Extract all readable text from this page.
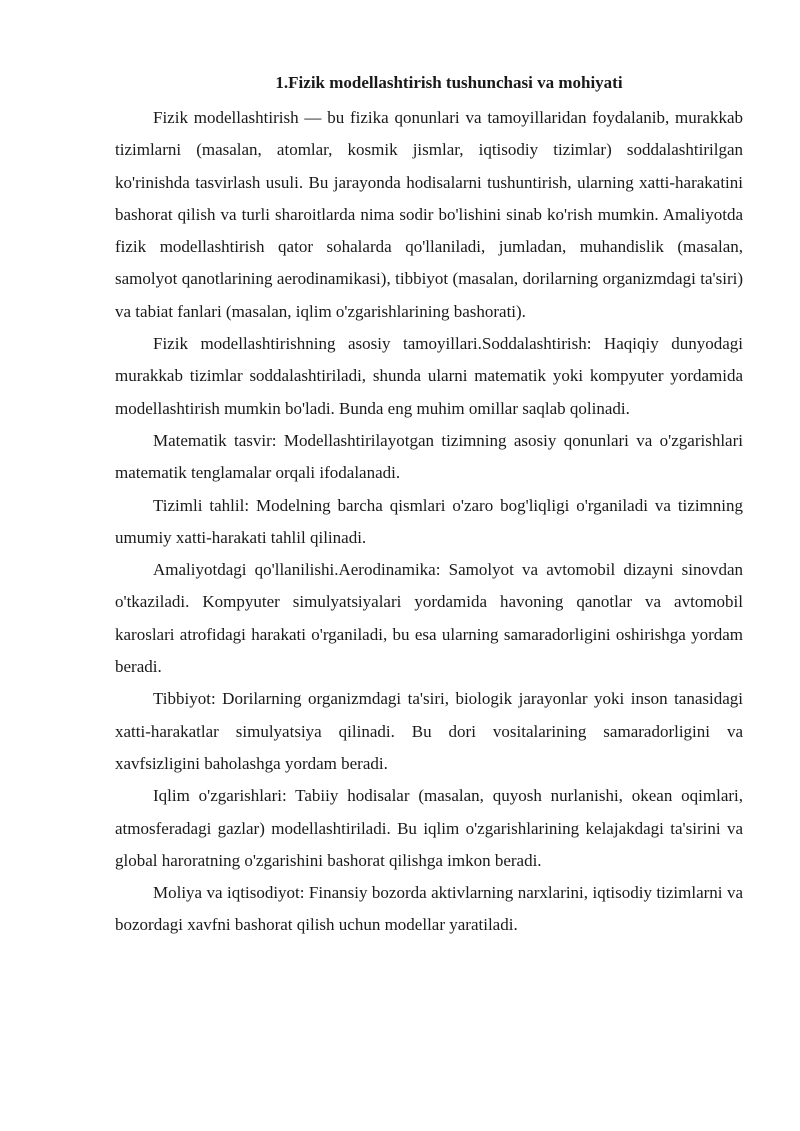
1.Fizik modellashtirish tushunchasi va mohiyati

Fizik modellashtirish — bu fizika qonunlari va tamoyillaridan foydalanib, murakkab tizimlarni (masalan, atomlar, kosmik jismlar, iqtisodiy tizimlar) soddalashtirilgan ko'rinishda tasvirlash usuli. Bu jarayonda hodisalarni tushuntirish, ularning xatti-harakatini bashorat qilish va turli sharoitlarda nima sodir bo'lishini sinab ko'rish mumkin. Amaliyotda fizik modellashtirish qator sohalarda qo'llaniladi, jumladan, muhandislik (masalan, samolyot qanotlarining aerodinamikasi), tibbiyot (masalan, dorilarning organizmdagi ta'siri) va tabiat fanlari (masalan, iqlim o'zgarishlarining bashorati).

Fizik modellashtirishning asosiy tamoyillari.Soddalashtirish: Haqiqiy dunyodagi murakkab tizimlar soddalashtiriladi, shunda ularni matematik yoki kompyuter yordamida modellashtirish mumkin bo'ladi. Bunda eng muhim omillar saqlab qolinadi.

Matematik tasvir: Modellashtirilayotgan tizimning asosiy qonunlari va o'zgarishlari matematik tenglamalar orqali ifodalanadi.

Tizimli tahlil: Modelning barcha qismlari o'zaro bog'liqligi o'rganiladi va tizimning umumiy xatti-harakati tahlil qilinadi.

Amaliyotdagi qo'llanilishi.Aerodinamika: Samolyot va avtomobil dizayni sinovdan o'tkaziladi. Kompyuter simulyatsiyalari yordamida havoning qanotlar va avtomobil karoslari atrofidagi harakati o'rganiladi, bu esa ularning samaradorligini oshirishga yordam beradi.

Tibbiyot: Dorilarning organizmdagi ta'siri, biologik jarayonlar yoki inson tanasidagi xatti-harakatlar simulyatsiya qilinadi. Bu dori vositalarining samaradorligini va xavfsizligini baholashga yordam beradi.

Iqlim o'zgarishlari: Tabiiy hodisalar (masalan, quyosh nurlanishi, okean oqimlari, atmosferadagi gazlar) modellashtiriladi. Bu iqlim o'zgarishlarining kelajakdagi ta'sirini va global haroratning o'zgarishini bashorat qilishga imkon beradi.

Moliya va iqtisodiyot: Finansiy bozorda aktivlarning narxlarini, iqtisodiy tizimlarni va bozordagi xavfni bashorat qilish uchun modellar yaratiladi.
